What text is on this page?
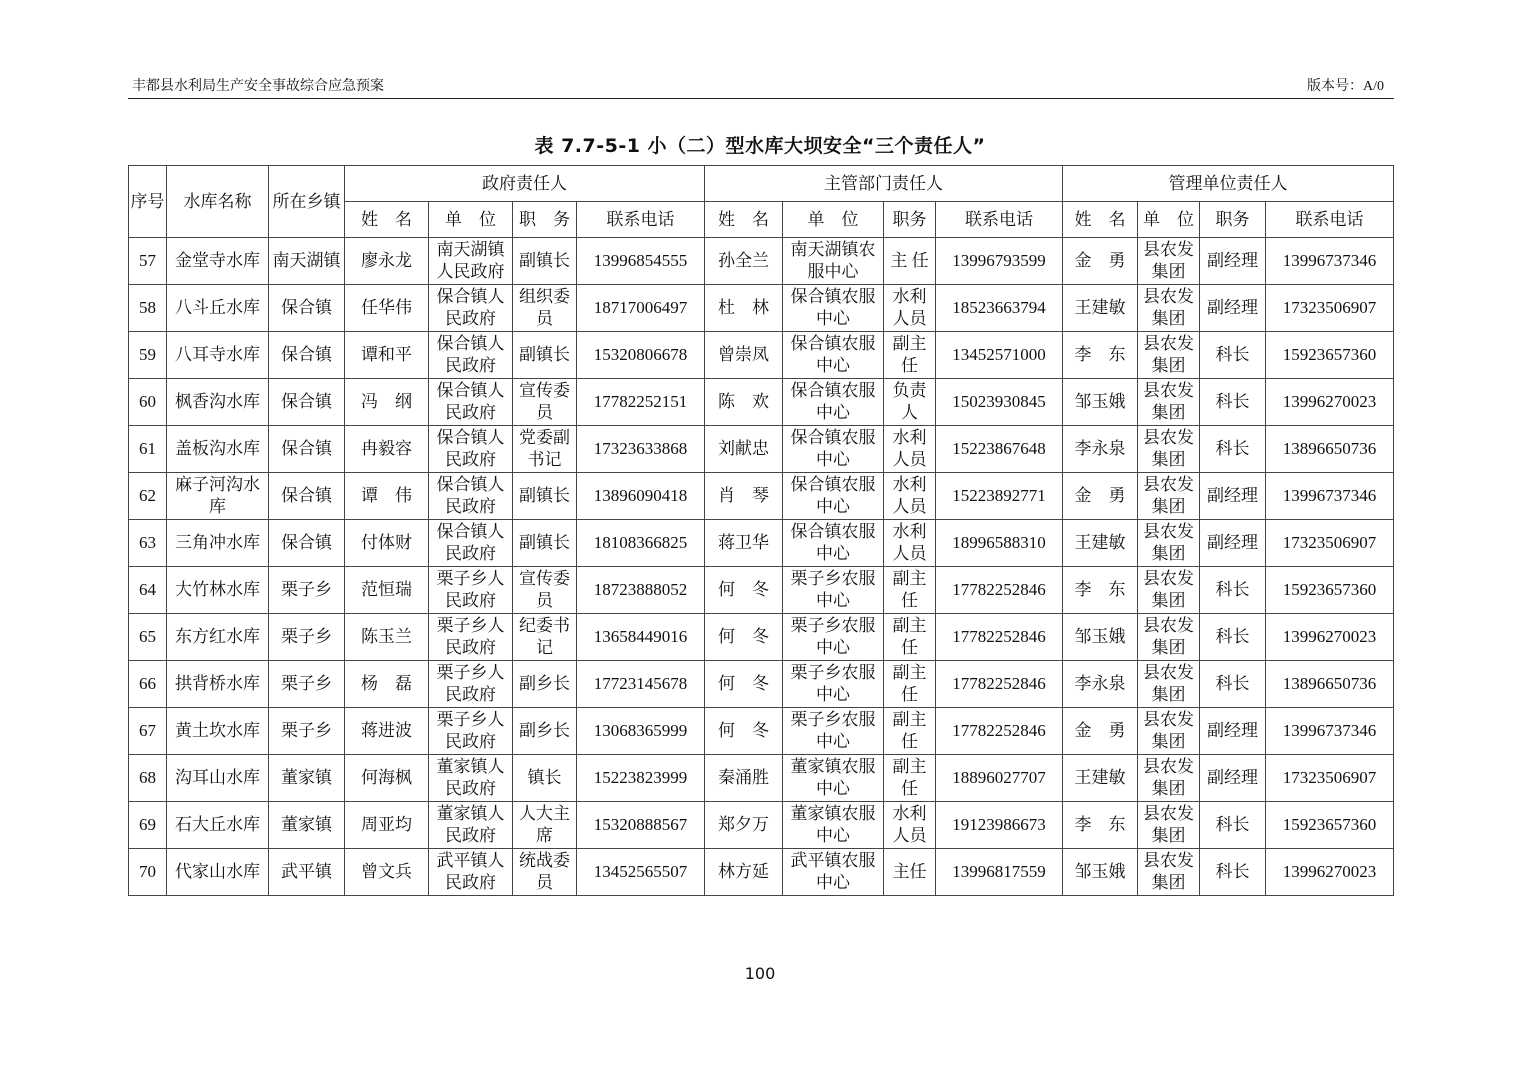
丰都县水利局生产安全事故综合应急预案	版本号：A/0
表 7.7-5-1 小（二）型水库大坝安全“三个责任人”
序号	水库名称	所在乡镇	政府责任人				主管部门责任人				管理单位责任人			
			姓　名	单　位	职　务	联系电话	姓　名	单　位	职务	联系电话	姓　名	单　位	职务	联系电话
57	金堂寺水库	南天湖镇	廖永龙	南天湖镇人民政府	副镇长	13996854555	孙全兰	南天湖镇农服中心	主 任	13996793599	金　勇	县农发集团	副经理	13996737346
58	八斗丘水库	保合镇	任华伟	保合镇人民政府	组织委员	18717006497	杜　林	保合镇农服中心	水利人员	18523663794	王建敏	县农发集团	副经理	17323506907
59	八耳寺水库	保合镇	谭和平	保合镇人民政府	副镇长	15320806678	曾崇凤	保合镇农服中心	副主任	13452571000	李　东	县农发集团	科长	15923657360
60	枫香沟水库	保合镇	冯　纲	保合镇人民政府	宣传委员	17782252151	陈　欢	保合镇农服中心	负责人	15023930845	邹玉娥	县农发集团	科长	13996270023
61	盖板沟水库	保合镇	冉毅容	保合镇人民政府	党委副书记	17323633868	刘献忠	保合镇农服中心	水利人员	15223867648	李永泉	县农发集团	科长	13896650736
62	麻子河沟水库	保合镇	谭　伟	保合镇人民政府	副镇长	13896090418	肖　琴	保合镇农服中心	水利人员	15223892771	金　勇	县农发集团	副经理	13996737346
63	三角冲水库	保合镇	付体财	保合镇人民政府	副镇长	18108366825	蒋卫华	保合镇农服中心	水利人员	18996588310	王建敏	县农发集团	副经理	17323506907
64	大竹林水库	栗子乡	范恒瑞	栗子乡人民政府	宣传委员	18723888052	何　冬	栗子乡农服中心	副主任	17782252846	李　东	县农发集团	科长	15923657360
65	东方红水库	栗子乡	陈玉兰	栗子乡人民政府	纪委书记	13658449016	何　冬	栗子乡农服中心	副主任	17782252846	邹玉娥	县农发集团	科长	13996270023
66	拱背桥水库	栗子乡	杨　磊	栗子乡人民政府	副乡长	17723145678	何　冬	栗子乡农服中心	副主任	17782252846	李永泉	县农发集团	科长	13896650736
67	黄土坎水库	栗子乡	蒋进波	栗子乡人民政府	副乡长	13068365999	何　冬	栗子乡农服中心	副主任	17782252846	金　勇	县农发集团	副经理	13996737346
68	沟耳山水库	董家镇	何海枫	董家镇人民政府	镇长	15223823999	秦涌胜	董家镇农服中心	副主任	18896027707	王建敏	县农发集团	副经理	17323506907
69	石大丘水库	董家镇	周亚均	董家镇人民政府	人大主席	15320888567	郑夕万	董家镇农服中心	水利人员	19123986673	李　东	县农发集团	科长	15923657360
70	代家山水库	武平镇	曾文兵	武平镇人民政府	统战委员	13452565507	林方延	武平镇农服中心	主任	13996817559	邹玉娥	县农发集团	科长	13996270023
100
